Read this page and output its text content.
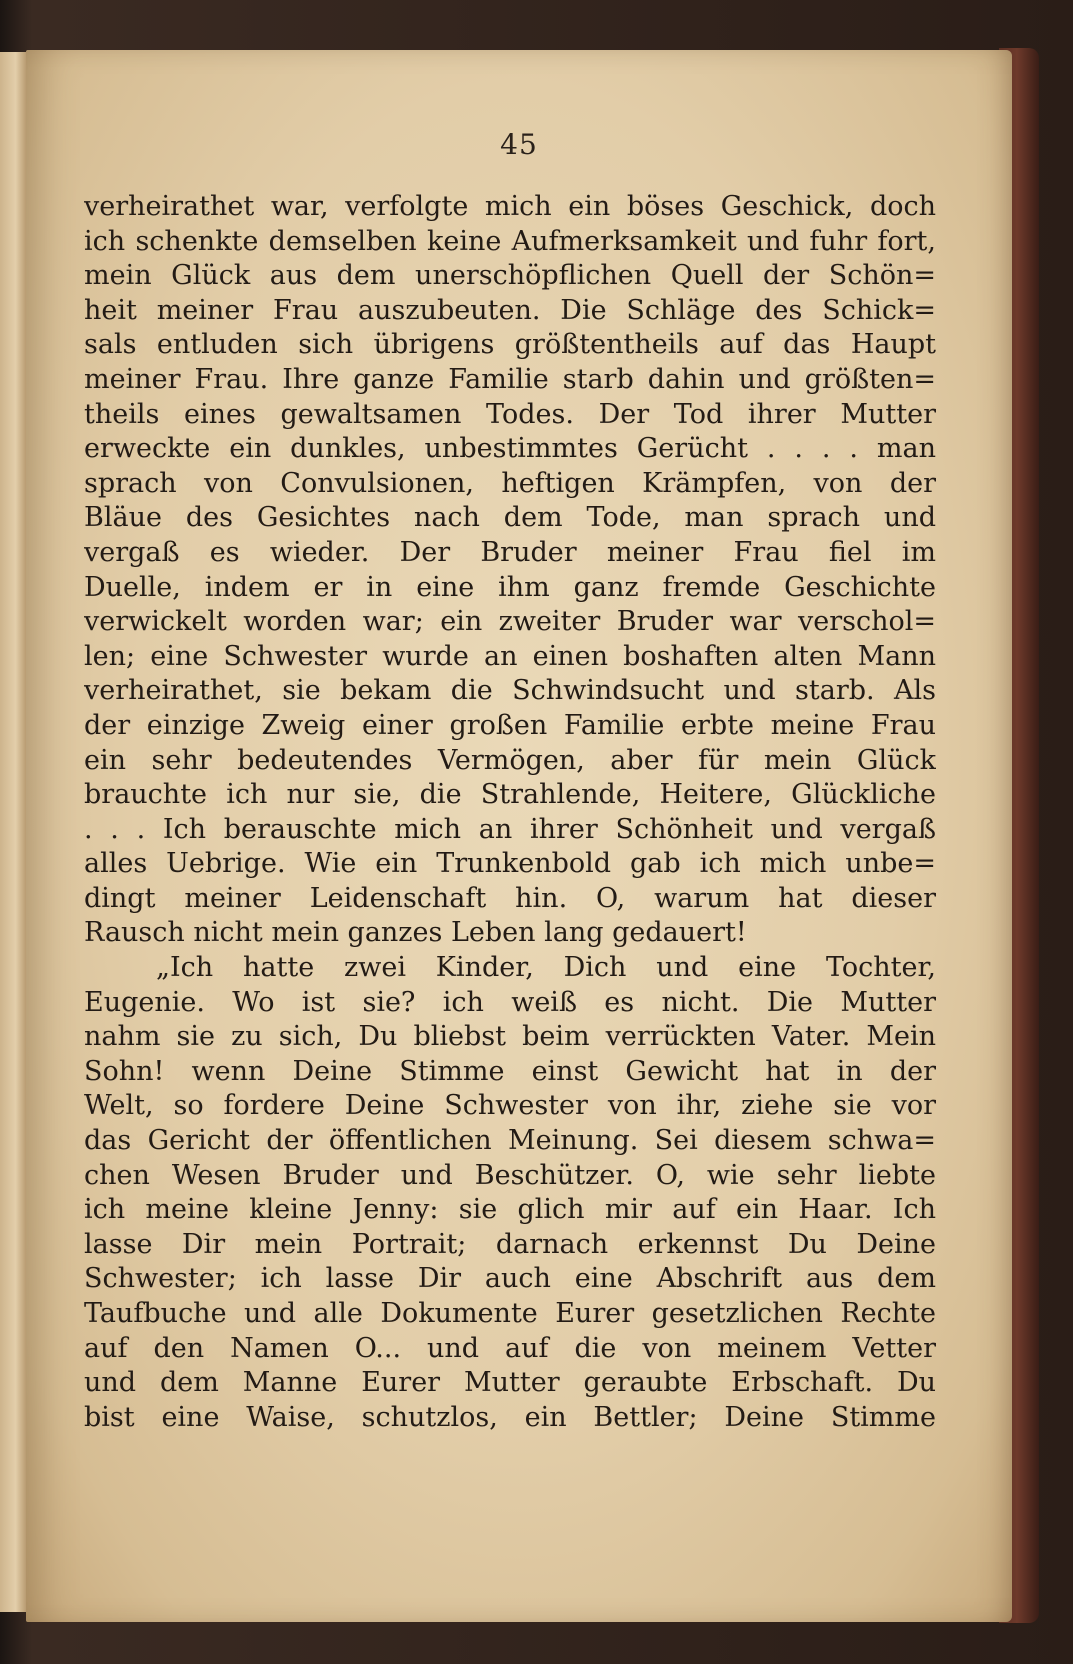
45
verheirathet war, verfolgte mich ein böses Geschick, doch
ich schenkte demselben keine Aufmerksamkeit und fuhr fort,
mein Glück aus dem unerschöpflichen Quell der Schön=
heit meiner Frau auszubeuten. Die Schläge des Schick=
sals entluden sich übrigens größtentheils auf das Haupt
meiner Frau. Ihre ganze Familie starb dahin und größten=
theils eines gewaltsamen Todes. Der Tod ihrer Mutter
erweckte ein dunkles, unbestimmtes Gerücht . . . . man
sprach von Convulsionen, heftigen Krämpfen, von der
Bläue des Gesichtes nach dem Tode, man sprach und
vergaß es wieder. Der Bruder meiner Frau fiel im
Duelle, indem er in eine ihm ganz fremde Geschichte
verwickelt worden war; ein zweiter Bruder war verschol=
len; eine Schwester wurde an einen boshaften alten Mann
verheirathet, sie bekam die Schwindsucht und starb. Als
der einzige Zweig einer großen Familie erbte meine Frau
ein sehr bedeutendes Vermögen, aber für mein Glück
brauchte ich nur sie, die Strahlende, Heitere, Glückliche
. . . Ich berauschte mich an ihrer Schönheit und vergaß
alles Uebrige. Wie ein Trunkenbold gab ich mich unbe=
dingt meiner Leidenschaft hin. O, warum hat dieser
Rausch nicht mein ganzes Leben lang gedauert!
„Ich hatte zwei Kinder, Dich und eine Tochter,
Eugenie. Wo ist sie? ich weiß es nicht. Die Mutter
nahm sie zu sich, Du bliebst beim verrückten Vater. Mein
Sohn! wenn Deine Stimme einst Gewicht hat in der
Welt, so fordere Deine Schwester von ihr, ziehe sie vor
das Gericht der öffentlichen Meinung. Sei diesem schwa=
chen Wesen Bruder und Beschützer. O, wie sehr liebte
ich meine kleine Jenny: sie glich mir auf ein Haar. Ich
lasse Dir mein Portrait; darnach erkennst Du Deine
Schwester; ich lasse Dir auch eine Abschrift aus dem
Taufbuche und alle Dokumente Eurer gesetzlichen Rechte
auf den Namen O... und auf die von meinem Vetter
und dem Manne Eurer Mutter geraubte Erbschaft. Du
bist eine Waise, schutzlos, ein Bettler; Deine Stimme
